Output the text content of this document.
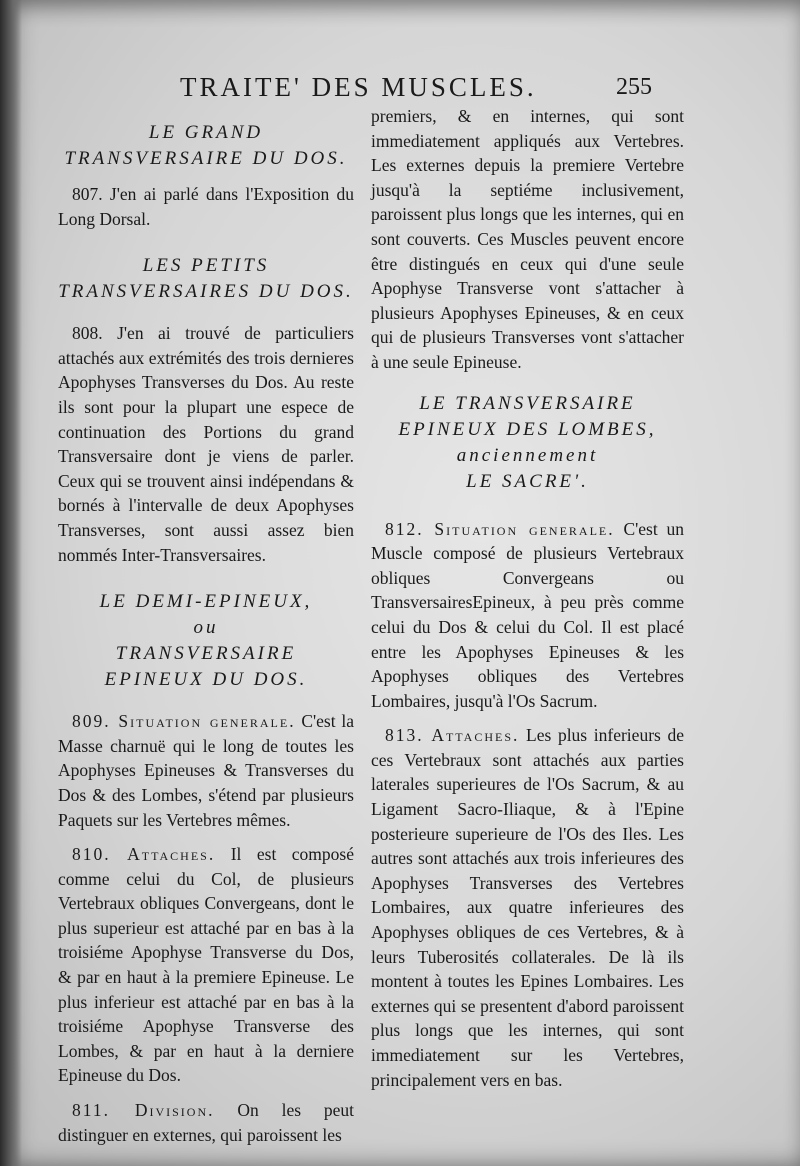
TRAITE' DES MUSCLES.	255

LE GRAND

TRANSVERSAIRE DU DOS.

807. J'en ai parlé dans l'Exposition du Long Dorsal.

LES PETITS

TRANSVERSAIRES DU DOS.

808. J'en ai trouvé de particuliers attachés aux extrémités des trois dernieres Apophyses Transverses du Dos. Au reste ils sont pour la plupart une espece de continuation des Portions du grand Transversaire dont je viens de parler. Ceux qui se trouvent ainsi indépendans & bornés à l'intervalle de deux Apophyses Transverses, sont aussi assez bien nommés Inter-Transversaires.

LE DEMI-EPINEUX,

ou

TRANSVERSAIRE

EPINEUX DU DOS.

809. Situation generale. C'est la Masse charnuë qui le long de toutes les Apophyses Epineuses & Transverses du Dos & des Lombes, s'étend par plusieurs Paquets sur les Vertebres mêmes.

810. Attaches. Il est composé comme celui du Col, de plusieurs Vertebraux obliques Convergeans, dont le plus superieur est attaché par en bas à la troisiéme Apophyse Transverse du Dos, & par en haut à la premiere Epineuse. Le plus inferieur est attaché par en bas à la troisiéme Apophyse Transverse des Lombes, & par en haut à la derniere Epineuse du Dos.

811. Division. On les peut distinguer en externes, qui paroissent les

premiers, & en internes, qui sont immediatement appliqués aux Vertebres. Les externes depuis la premiere Vertebre jusqu'à la septiéme inclusivement, paroissent plus longs que les internes, qui en sont couverts. Ces Muscles peuvent encore être distingués en ceux qui d'une seule Apophyse Transverse vont s'attacher à plusieurs Apophyses Epineuses, & en ceux qui de plusieurs Transverses vont s'attacher à une seule Epineuse.

LE TRANSVERSAIRE

EPINEUX DES LOMBES,

anciennement

LE SACRE'.

812. Situation generale. C'est un Muscle composé de plusieurs Vertebraux obliques Convergeans ou TransversairesEpineux, à peu près comme celui du Dos & celui du Col. Il est placé entre les Apophyses Epineuses & les Apophyses obliques des Vertebres Lombaires, jusqu'à l'Os Sacrum.

813. Attaches. Les plus inferieurs de ces Vertebraux sont attachés aux parties laterales superieures de l'Os Sacrum, & au Ligament Sacro-Iliaque, & à l'Epine posterieure superieure de l'Os des Iles. Les autres sont attachés aux trois inferieures des Apophyses Transverses des Vertebres Lombaires, aux quatre inferieures des Apophyses obliques de ces Vertebres, & à leurs Tuberosités collaterales. De là ils montent à toutes les Epines Lombaires. Les externes qui se presentent d'abord paroissent plus longs que les internes, qui sont immediatement sur les Vertebres, principalement vers en bas.
